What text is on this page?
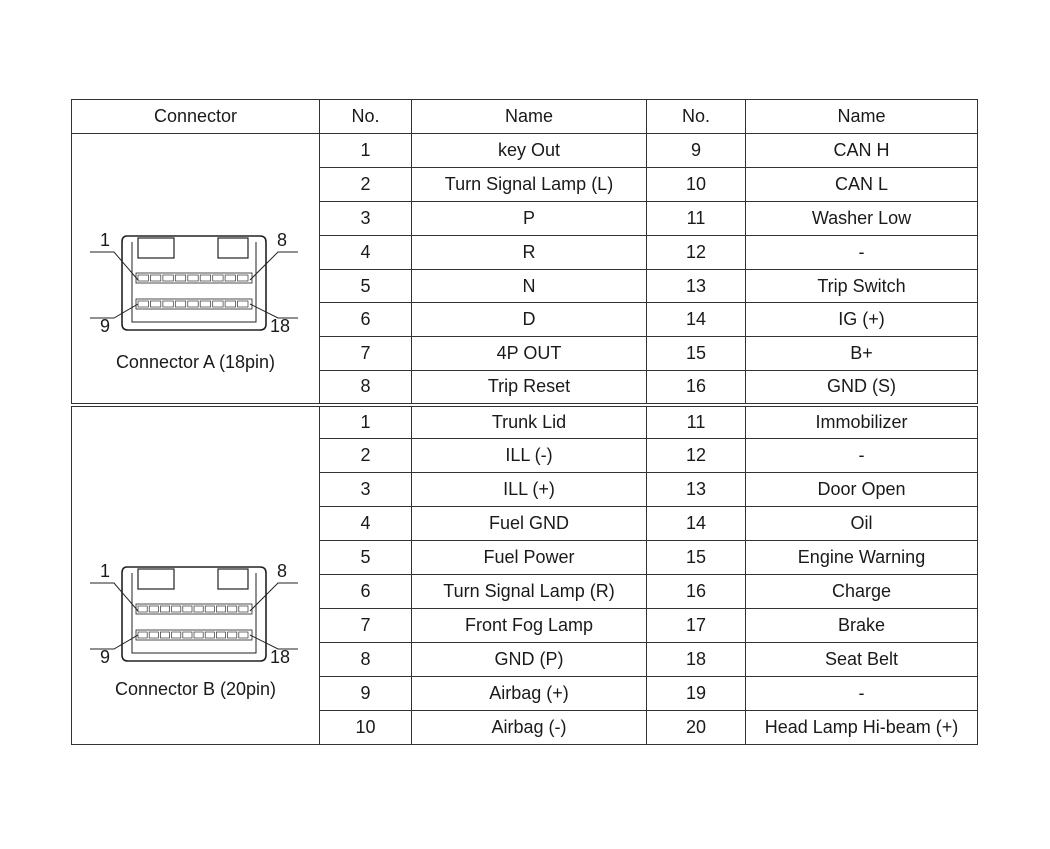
Connector	No.	Name	No.	Name

1 8
9 18
Connector A (18pin)	1	key Out	9	CAN H
	2	Turn Signal Lamp (L)	10	CAN L
	3	P	11	Washer Low
	4	R	12	-
	5	N	13	Trip Switch
	6	D	14	IG (+)
	7	4P OUT	15	B+
	8	Trip Reset	16	GND (S)

1 8
9 18
Connector B (20pin)	1	Trunk Lid	11	Immobilizer
	2	ILL (-)	12	-
	3	ILL (+)	13	Door Open
	4	Fuel GND	14	Oil
	5	Fuel Power	15	Engine Warning
	6	Turn Signal Lamp (R)	16	Charge
	7	Front Fog Lamp	17	Brake
	8	GND (P)	18	Seat Belt
	9	Airbag (+)	19	-
	10	Airbag (-)	20	Head Lamp Hi-beam (+)
